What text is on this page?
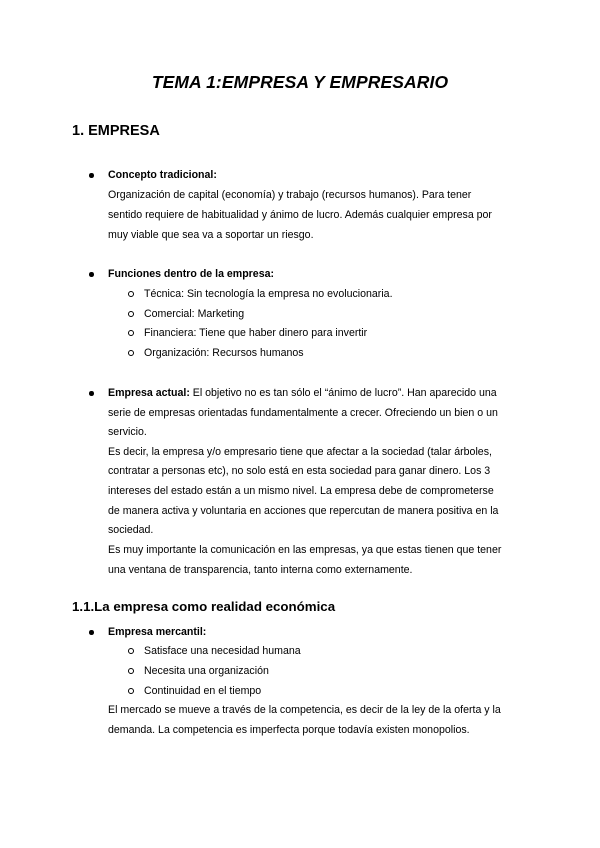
TEMA 1:EMPRESA Y EMPRESARIO
1. EMPRESA
Concepto tradicional:
Organización de capital (economía) y trabajo (recursos humanos). Para tener
sentido requiere de habitualidad y ánimo de lucro. Además cualquier empresa por
muy viable que sea va a soportar un riesgo.
Funciones dentro de la empresa:
Técnica: Sin tecnología la empresa no evolucionaria.
Comercial: Marketing
Financiera: Tiene que haber dinero para invertir
Organización: Recursos humanos
Empresa actual: El objetivo no es tan sólo el “ánimo de lucro”. Han aparecido una
serie de empresas orientadas fundamentalmente a crecer. Ofreciendo un bien o un
servicio.
Es decir, la empresa y/o empresario tiene que afectar a la sociedad (talar árboles,
contratar a personas etc), no solo está en esta sociedad para ganar dinero. Los 3
intereses del estado están a un mismo nivel. La empresa debe de comprometerse
de manera activa y voluntaria en acciones que repercutan de manera positiva en la
sociedad.
Es muy importante la comunicación en las empresas, ya que estas tienen que tener
una ventana de transparencia, tanto interna como externamente.
1.1.La empresa como realidad económica
Empresa mercantil:
Satisface una necesidad humana
Necesita una organización
Continuidad en el tiempo
El mercado se mueve a través de la competencia, es decir de la ley de la oferta y la
demanda. La competencia es imperfecta porque todavía existen monopolios.
